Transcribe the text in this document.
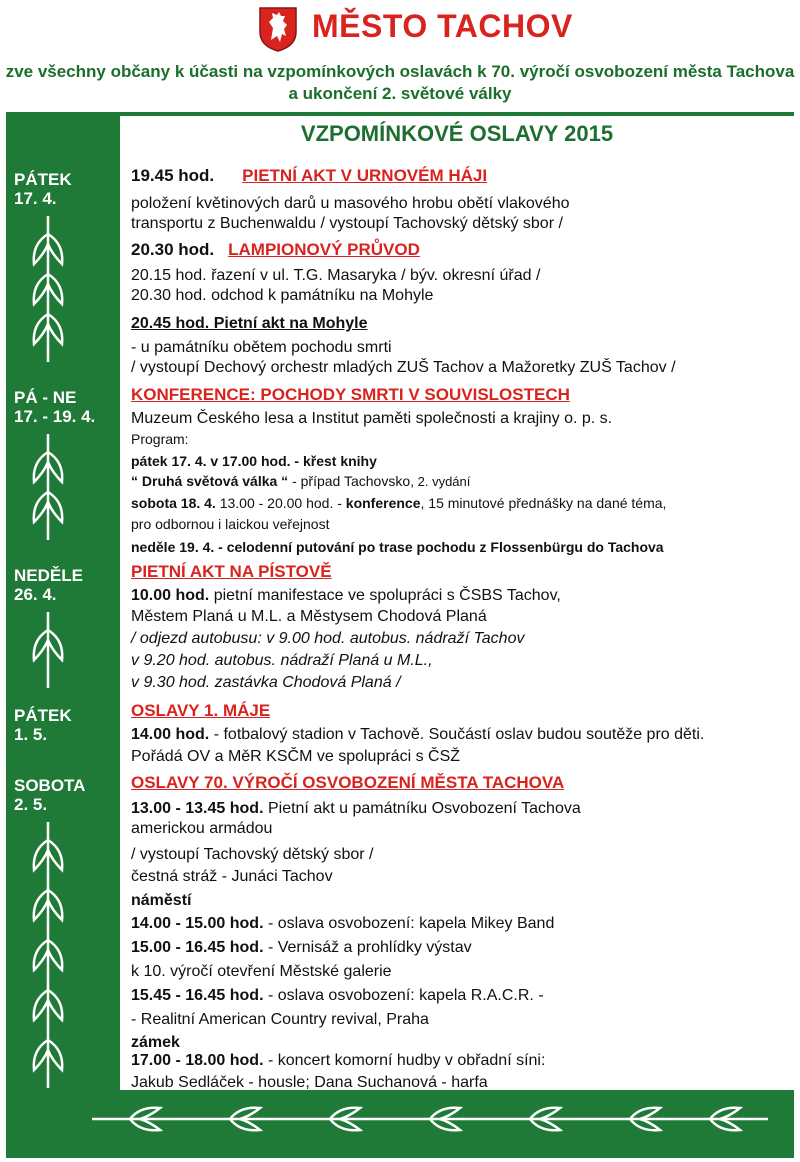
MĚSTO TACHOV
zve všechny občany k účasti na vzpomínkových oslavách k 70. výročí osvobození města Tachova
a ukončení 2. světové války
VZPOMÍNKOVÉ OSLAVY 2015
PÁTEK
17. 4.
PÁ - NE
17. - 19. 4.
NEDĚLE
26. 4.
PÁTEK
1. 5.
SOBOTA
2. 5.
19.45 hod. PIETNÍ AKT V URNOVÉM HÁJI
položení květinových darů u masového hrobu obětí vlakového
transportu z Buchenwaldu / vystoupí Tachovský dětský sbor /
20.30 hod. LAMPIONOVÝ PRŮVOD
20.15 hod. řazení v ul. T.G. Masaryka / býv. okresní úřad /
20.30 hod. odchod k památníku na Mohyle
20.45 hod. Pietní akt na Mohyle
- u památníku obětem pochodu smrti
/ vystoupí Dechový orchestr mladých ZUŠ Tachov a Mažoretky ZUŠ Tachov /
KONFERENCE: POCHODY SMRTI V SOUVISLOSTECH
Muzeum Českého lesa a Institut paměti společnosti a krajiny o. p. s.
Program:
pátek 17. 4. v 17.00 hod. - křest knihy
“ Druhá světová válka “ - případ Tachovsko, 2. vydání
sobota 18. 4. 13.00 - 20.00 hod. - konference, 15 minutové přednášky na dané téma,
pro odbornou i laickou veřejnost
neděle 19. 4. - celodenní putování po trase pochodu z Flossenbürgu do Tachova
PIETNÍ AKT NA PÍSTOVĚ
10.00 hod. pietní manifestace ve spolupráci s ČSBS Tachov,
Městem Planá u M.L. a Městysem Chodová Planá
/ odjezd autobusu: v 9.00 hod. autobus. nádraží Tachov
v 9.20 hod. autobus. nádraží Planá u M.L.,
v 9.30 hod. zastávka Chodová Planá /
OSLAVY 1. MÁJE
14.00 hod. - fotbalový stadion v Tachově. Součástí oslav budou soutěže pro děti.
Pořádá OV a MěR KSČM ve spolupráci s ČSŽ
OSLAVY 70. VÝROČÍ OSVOBOZENÍ MĚSTA TACHOVA
13.00 - 13.45 hod. Pietní akt u památníku Osvobození Tachova
americkou armádou
/ vystoupí Tachovský dětský sbor /
čestná stráž - Junáci Tachov
náměstí
14.00 - 15.00 hod. - oslava osvobození: kapela Mikey Band
15.00 - 16.45 hod. - Vernisáž a prohlídky výstav
k 10. výročí otevření Městské galerie
15.45 - 16.45 hod. - oslava osvobození: kapela R.A.C.R. -
- Realitní American Country revival, Praha
zámek
17.00 - 18.00 hod. - koncert komorní hudby v obřadní síni:
Jakub Sedláček - housle; Dana Suchanová - harfa
